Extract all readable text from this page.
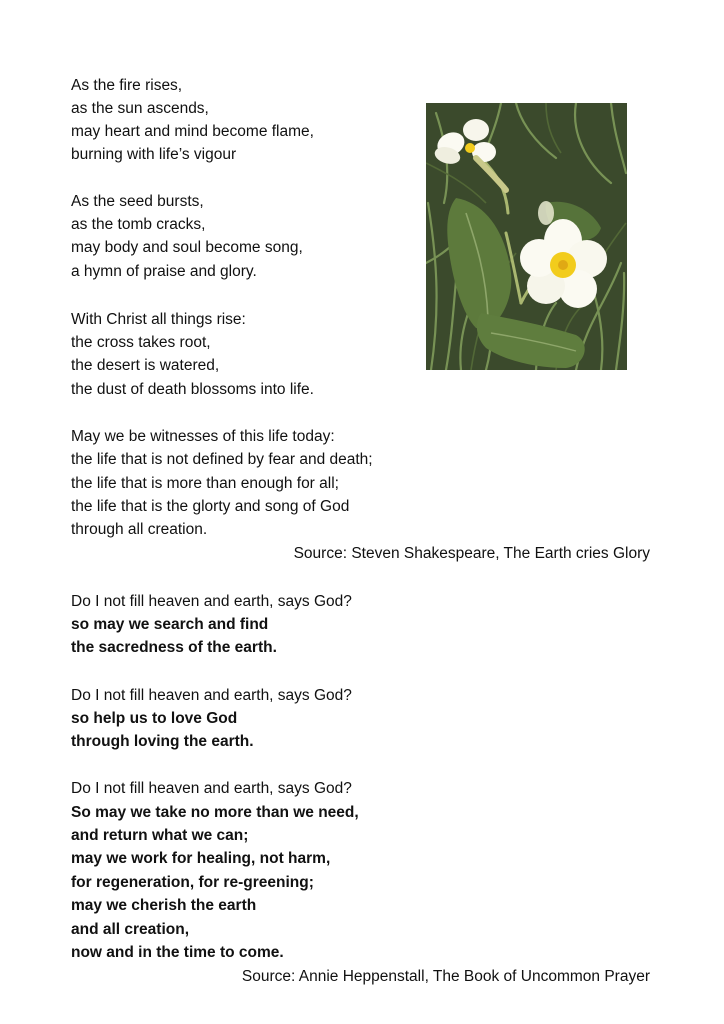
As the fire rises,
as the sun ascends,
may heart and mind become flame,
burning with life’s vigour
As the seed bursts,
as the tomb cracks,
may body and soul become song,
a hymn of praise and glory.
With Christ all things rise:
the cross takes root,
the desert is watered,
the dust of death blossoms into life.
May we be witnesses of this life today:
the life that is not defined by fear and death;
the life that is more than enough for all;
the life that is the glorty and song of God
through all creation.
Source: Steven Shakespeare, The Earth cries Glory
Do I not fill heaven and earth, says God?
so may we search and find
the sacredness of the earth.
Do I not fill heaven and earth, says God?
so help us to love God
through loving the earth.
Do I not fill heaven and earth, says God?
So may we take no more than we need,
and return what we can;
may we work for healing, not harm,
for regeneration, for re-greening;
may we cherish the earth
and all creation,
now and in the time to come.
Source: Annie Heppenstall, The Book of Uncommon Prayer
